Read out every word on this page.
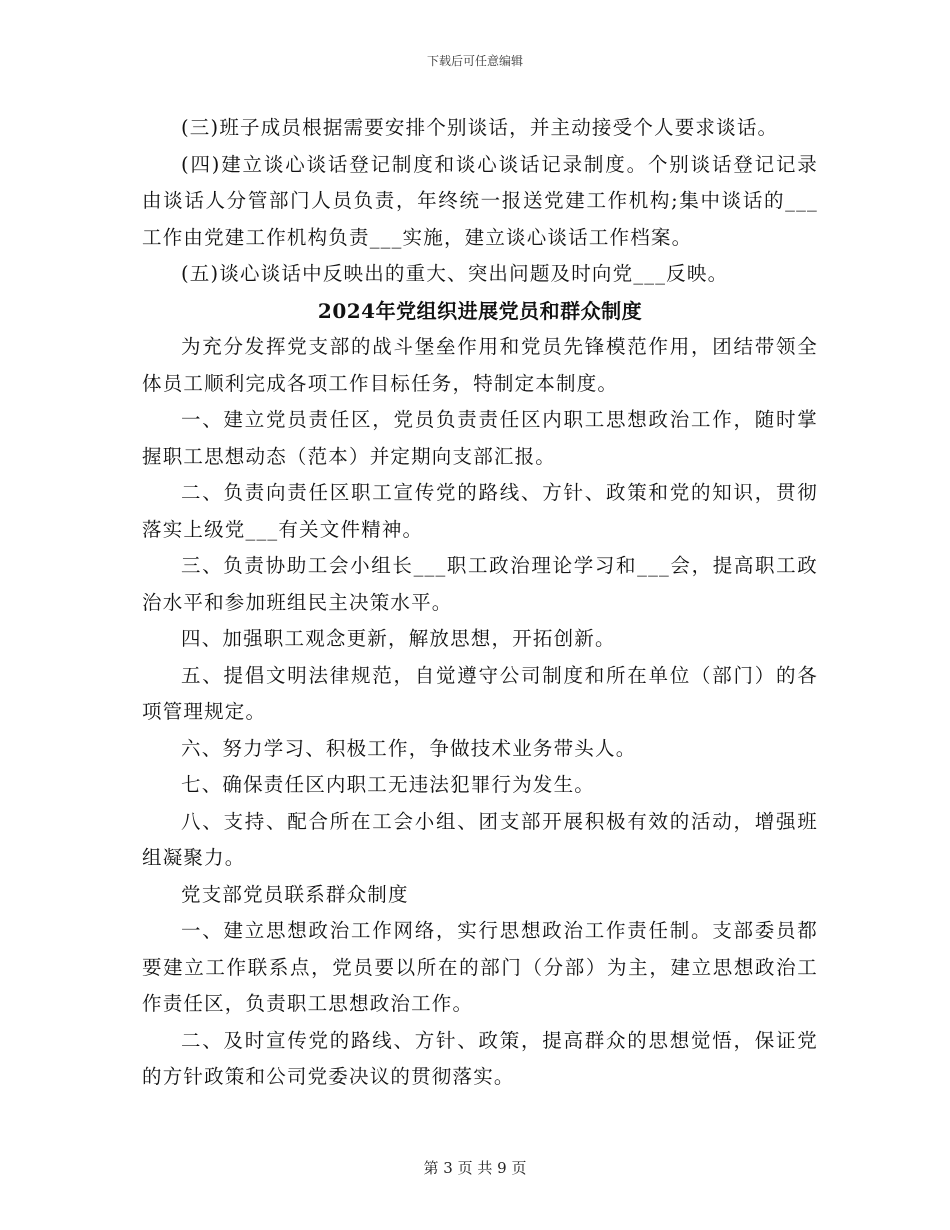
下载后可任意编辑

(三)班子成员根据需要安排个别谈话，并主动接受个人要求谈话。

(四)建立谈心谈话登记制度和谈心谈话记录制度。个别谈话登记记录由谈话人分管部门人员负责，年终统一报送党建工作机构;集中谈话的___工作由党建工作机构负责___实施，建立谈心谈话工作档案。

(五)谈心谈话中反映出的重大、突出问题及时向党___反映。

2024年党组织进展党员和群众制度

为充分发挥党支部的战斗堡垒作用和党员先锋模范作用，团结带领全体员工顺利完成各项工作目标任务，特制定本制度。

一、建立党员责任区，党员负责责任区内职工思想政治工作，随时掌握职工思想动态（范本）并定期向支部汇报。

二、负责向责任区职工宣传党的路线、方针、政策和党的知识，贯彻落实上级党___有关文件精神。

三、负责协助工会小组长___职工政治理论学习和___会，提高职工政治水平和参加班组民主决策水平。

四、加强职工观念更新，解放思想，开拓创新。

五、提倡文明法律规范，自觉遵守公司制度和所在单位（部门）的各项管理规定。

六、努力学习、积极工作，争做技术业务带头人。

七、确保责任区内职工无违法犯罪行为发生。

八、支持、配合所在工会小组、团支部开展积极有效的活动，增强班组凝聚力。

党支部党员联系群众制度

一、建立思想政治工作网络，实行思想政治工作责任制。支部委员都要建立工作联系点，党员要以所在的部门（分部）为主，建立思想政治工作责任区，负责职工思想政治工作。

二、及时宣传党的路线、方针、政策，提高群众的思想觉悟，保证党的方针政策和公司党委决议的贯彻落实。

第 3 页 共 9 页
